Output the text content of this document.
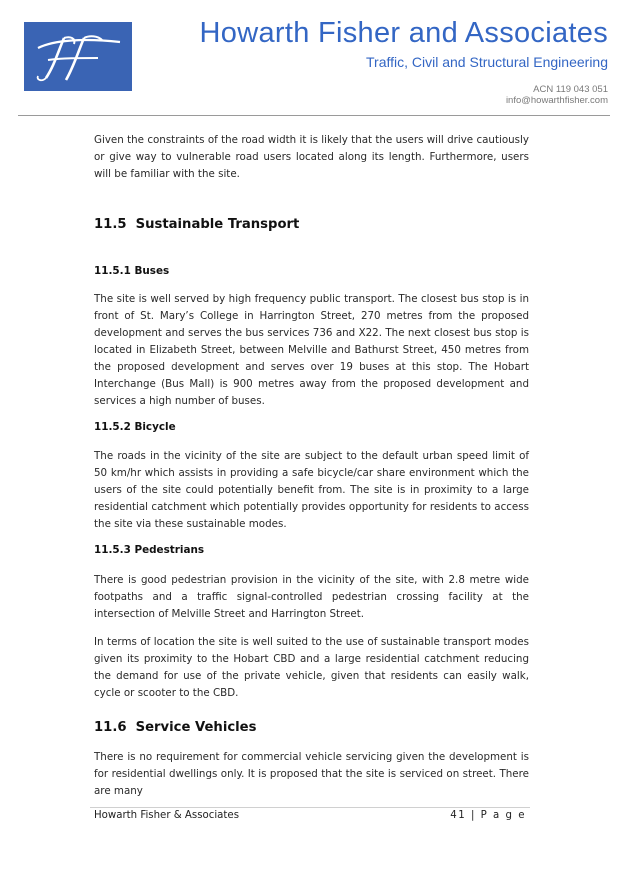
Howarth Fisher and Associates
Traffic, Civil and Structural Engineering
ACN 119 043 051
info@howarthfisher.com

Given the constraints of the road width it is likely that the users will drive cautiously or give way to vulnerable road users located along its length. Furthermore, users will be familiar with the site.

11.5 Sustainable Transport
11.5.1 Buses

The site is well served by high frequency public transport. The closest bus stop is in front of St. Mary’s College in Harrington Street, 270 metres from the proposed development and serves the bus services 736 and X22. The next closest bus stop is located in Elizabeth Street, between Melville and Bathurst Street, 450 metres from the proposed development and serves over 19 buses at this stop. The Hobart Interchange (Bus Mall) is 900 metres away from the proposed development and services a high number of buses.

11.5.2 Bicycle

The roads in the vicinity of the site are subject to the default urban speed limit of 50 km/hr which assists in providing a safe bicycle/car share environment which the users of the site could potentially benefit from. The site is in proximity to a large residential catchment which potentially provides opportunity for residents to access the site via these sustainable modes.

11.5.3 Pedestrians

There is good pedestrian provision in the vicinity of the site, with 2.8 metre wide footpaths and a traffic signal-controlled pedestrian crossing facility at the intersection of Melville Street and Harrington Street.

In terms of location the site is well suited to the use of sustainable transport modes given its proximity to the Hobart CBD and a large residential catchment reducing the demand for use of the private vehicle, given that residents can easily walk, cycle or scooter to the CBD.

11.6 Service Vehicles

There is no requirement for commercial vehicle servicing given the development is for residential dwellings only. It is proposed that the site is serviced on street. There are many

Howarth Fisher & Associates	41 | P a g e
